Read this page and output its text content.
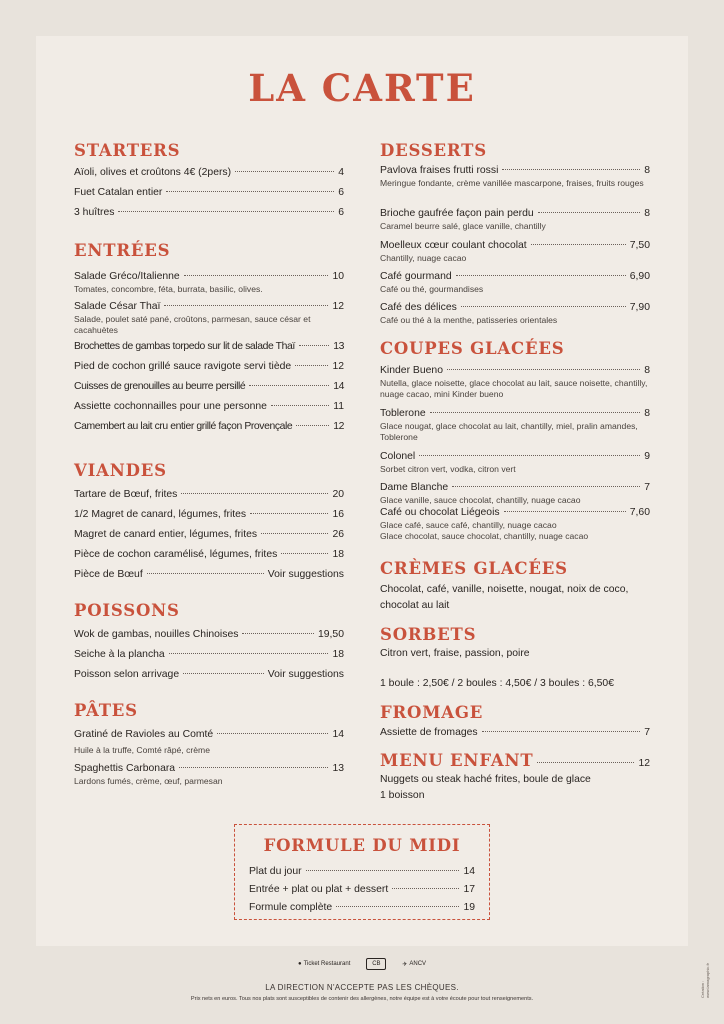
LA CARTE
STARTERS
Aïoli, olives et croûtons 4€ (2pers)	4
Fuet Catalan entier	6
3 huîtres	6
ENTRÉES
Salade Gréco/Italienne	10
Tomates, concombre, féta, burrata, basilic, olives.
Salade César Thaï	12
Salade, poulet saté pané, croûtons, parmesan, sauce césar et cacahuètes
Brochettes de gambas torpedo sur lit de salade Thaï	13
Pied de cochon grillé sauce ravigote servi tiède	12
Cuisses de grenouilles au beurre persillé	14
Assiette cochonnailles pour une personne	11
Camembert au lait cru entier grillé façon Provençale	12
VIANDES
Tartare de Bœuf, frites	20
1/2 Magret de canard, légumes, frites	16
Magret de canard entier, légumes, frites	26
Pièce de cochon caramélisé, légumes, frites	18
Pièce de Bœuf	Voir suggestions
POISSONS
Wok de gambas, nouilles Chinoises	19,50
Seiche à la plancha	18
Poisson selon arrivage	Voir suggestions
PÂTES
Gratiné de Ravioles au Comté	14
Huile à la truffe, Comté râpé, crème
Spaghettis Carbonara	13
Lardons fumés, crème, œuf, parmesan
DESSERTS
Pavlova fraises frutti rossi	8
Meringue fondante, crème vanillée mascarpone, fraises, fruits rouges
Brioche gaufrée façon pain perdu	8
Caramel beurre salé, glace vanille, chantilly
Moelleux cœur coulant chocolat	7,50
Chantilly, nuage cacao
Café gourmand	6,90
Café ou thé, gourmandises
Café des délices	7,90
Café ou thé à la menthe, patisseries orientales
COUPES GLACÉES
Kinder Bueno	8
Nutella, glace noisette, glace chocolat au lait, sauce noisette, chantilly, nuage cacao, mini Kinder bueno
Toblerone	8
Glace nougat, glace chocolat au lait, chantilly, miel, pralin amandes, Toblerone
Colonel	9
Sorbet citron vert, vodka, citron vert
Dame Blanche	7
Glace vanille, sauce chocolat, chantilly, nuage cacao
Café ou chocolat Liégeois	7,60
Glace café, sauce café, chantilly, nuage cacao
Glace chocolat, sauce chocolat, chantilly, nuage cacao
CRÈMES GLACÉES
Chocolat, café, vanille, noisette, nougat, noix de coco, chocolat au lait
SORBETS
Citron vert, fraise, passion, poire
1 boule : 2,50€ / 2 boules : 4,50€ / 3 boules : 6,50€
FROMAGE
Assiette de fromages	7
MENU ENFANT	12
Nuggets ou steak haché frites, boule de glace
1 boisson
FORMULE DU MIDI
Plat du jour	14
Entrée + plat ou plat + dessert	17
Formule complète	19
● Ticket Restaurant	CB	✈ ANCV
LA DIRECTION N'ACCEPTE PAS LES CHÈQUES.
Prix nets en euros. Tous nos plats sont susceptibles de contenir des allergènes, notre équipe est à votre écoute pour tout renseignements.
Création : www.lamagraphic.fr
